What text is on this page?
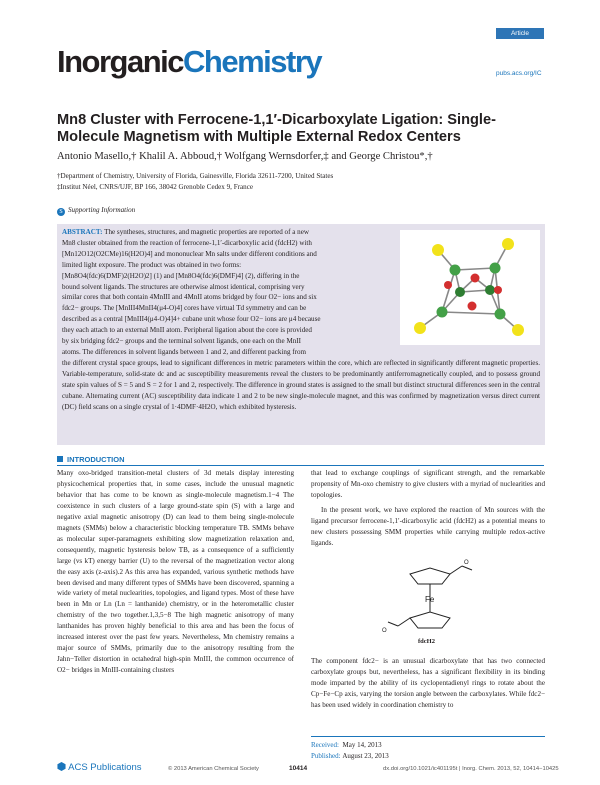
Article
InorganicChemistry	pubs.acs.org/IC
Mn8 Cluster with Ferrocene-1,1′-Dicarboxylate Ligation: Single-Molecule Magnetism with Multiple External Redox Centers
Antonio Masello,† Khalil A. Abboud,† Wolfgang Wernsdorfer,‡ and George Christou*,†
†Department of Chemistry, University of Florida, Gainesville, Florida 32611-7200, United States
‡Institut Néel, CNRS/UJF, BP 166, 38042 Grenoble Cedex 9, France
S Supporting Information
ABSTRACT: The syntheses, structures, and magnetic properties are reported of a new
Mn8 cluster obtained from the reaction of ferrocene-1,1′-dicarboxylic acid (fdcH2) with
[Mn12O12(O2CMe)16(H2O)4] and mononuclear Mn salts under different conditions and
limited light exposure. The product was obtained in two forms:
[Mn8O4(fdc)6(DMF)2(H2O)2] (1) and [Mn8O4(fdc)6(DMF)4] (2), differing in the
bound solvent ligands. The structures are otherwise almost identical, comprising very
similar cores that both contain 4MnIII and 4MnII atoms bridged by four O2− ions and six
fdc2− groups. The [MnIII4MnII4(μ4-O)4] cores have virtual Td symmetry and can be
described as a central [MnIII4(μ4-O)4]4+ cubane unit whose four O2− ions are μ4 because
they each attach to an external MnII atom. Peripheral ligation about the core is provided
by six bridging fdc2− groups and the terminal solvent ligands, one each on the MnII
atoms. The differences in solvent ligands between 1 and 2, and different packing from
the different crystal space groups, lead to significant differences in metric parameters within the core, which are reflected in significantly different magnetic properties. Variable-temperature, solid-state dc and ac susceptibility measurements reveal the clusters to be predominantly antiferromagnetically coupled, and to possess ground state spin values of S = 5 and S = 2 for 1 and 2, respectively. The difference in ground states is assigned to the small but distinct structural differences seen in the central cubane. Alternating current (AC) susceptibility data indicate 1 and 2 to be new single-molecule magnet, and this was confirmed by magnetization versus direct current (DC) field scans on a single crystal of 1·4DMF·4H2O, which exhibited hysteresis.
INTRODUCTION
Many oxo-bridged transition-metal clusters of 3d metals display interesting physicochemical properties that, in some cases, include the unusual magnetic behavior that has come to be known as single-molecule magnetism.1−4 The coexistence in such clusters of a large ground-state spin (S) with a large and negative axial magnetic anisotropy (D) can lead to them being single-molecule magnets (SMMs) below a characteristic blocking temperature TB. SMMs behave as molecular super-paramagnets exhibiting slow magnetization relaxation and, consequently, magnetic hysteresis below TB, as a consequence of a sufficiently large (vs kT) energy barrier (U) to the reversal of the magnetization vector along the easy axis (z-axis).2 As this area has expanded, various synthetic methods have been devised and many different types of SMMs have been discovered, spanning a wide variety of metal nuclearities, topologies, and ligand types. Most of these have been in Mn or Ln (Ln = lanthanide) chemistry, or in the heterometallic cluster chemistry of the two together.1,3,5−8 The high magnetic anisotropy of many lanthanides has proven highly beneficial to this area and has been the focus of increased interest over the past few years. Nevertheless, Mn chemistry remains a major source of SMMs, primarily due to the anisotropy resulting from the Jahn−Teller distortion in octahedral high-spin MnIII, the common occurrence of O2− bridges in MnIII-containing clusters
that lead to exchange couplings of significant strength, and the remarkable propensity of Mn-oxo chemistry to give clusters with a myriad of nuclearities and topologies.
In the present work, we have explored the reaction of Mn sources with the ligand precursor ferrocene-1,1′-dicarboxylic acid (fdcH2) as a potential means to new clusters possessing SMM properties while carrying multiple redox-active ligands.
Fe
O
O
fdcH2
The component fdc2− is an unusual dicarboxylate that has two connected carboxylate groups but, nevertheless, has a significant flexibility in its binding mode imparted by the ability of its cyclopentadienyl rings to rotate about the Cp−Fe−Cp axis, varying the torsion angle between the carboxylates. While fdc2− has been used widely in coordination chemistry to
Received: May 14, 2013
Published: August 23, 2013
ACS Publications	© 2013 American Chemical Society	10414	dx.doi.org/10.1021/ic401195t | Inorg. Chem. 2013, 52, 10414−10425
